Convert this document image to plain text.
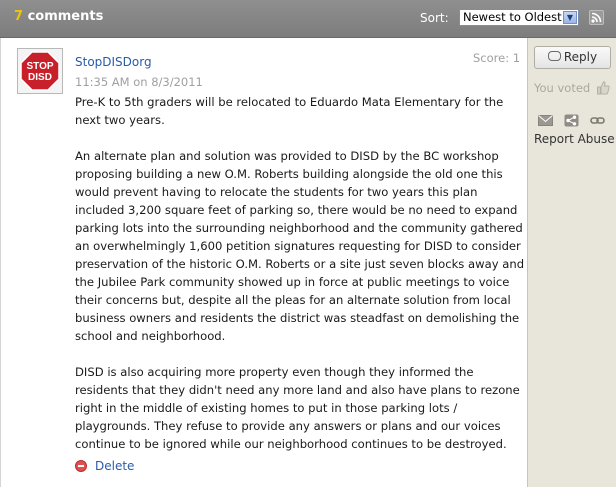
7 comments	Sort:	Newest to Oldest ▼
STOP
DISD
StopDISDorg
11:35 AM on 8/3/2011
Score: 1

Pre-K to 5th graders will be relocated to Eduardo Mata Elementary for the next two years.

An alternate plan and solution was provided to DISD by the BC workshop proposing building a new O.M. Roberts building alongside the old one this would prevent having to relocate the students for two years this plan included 3,200 square feet of parking so, there would be no need to expand parking lots into the surrounding neighborhood and the community gathered an overwhelmingly 1,600 petition signatures requesting for DISD to consider preservation of the historic O.M. Roberts or a site just seven blocks away and the Jubilee Park community showed up in force at public meetings to voice their concerns but, despite all the pleas for an alternate solution from local business owners and residents the district was steadfast on demolishing the school and neighborhood.

DISD is also acquiring more property even though they informed the residents that they didn't need any more land and also have plans to rezone right in the middle of existing homes to put in those parking lots / playgrounds. They refuse to provide any answers or plans and our voices continue to be ignored while our neighborhood continues to be destroyed.

Delete
Reply
You voted
Report Abuse
